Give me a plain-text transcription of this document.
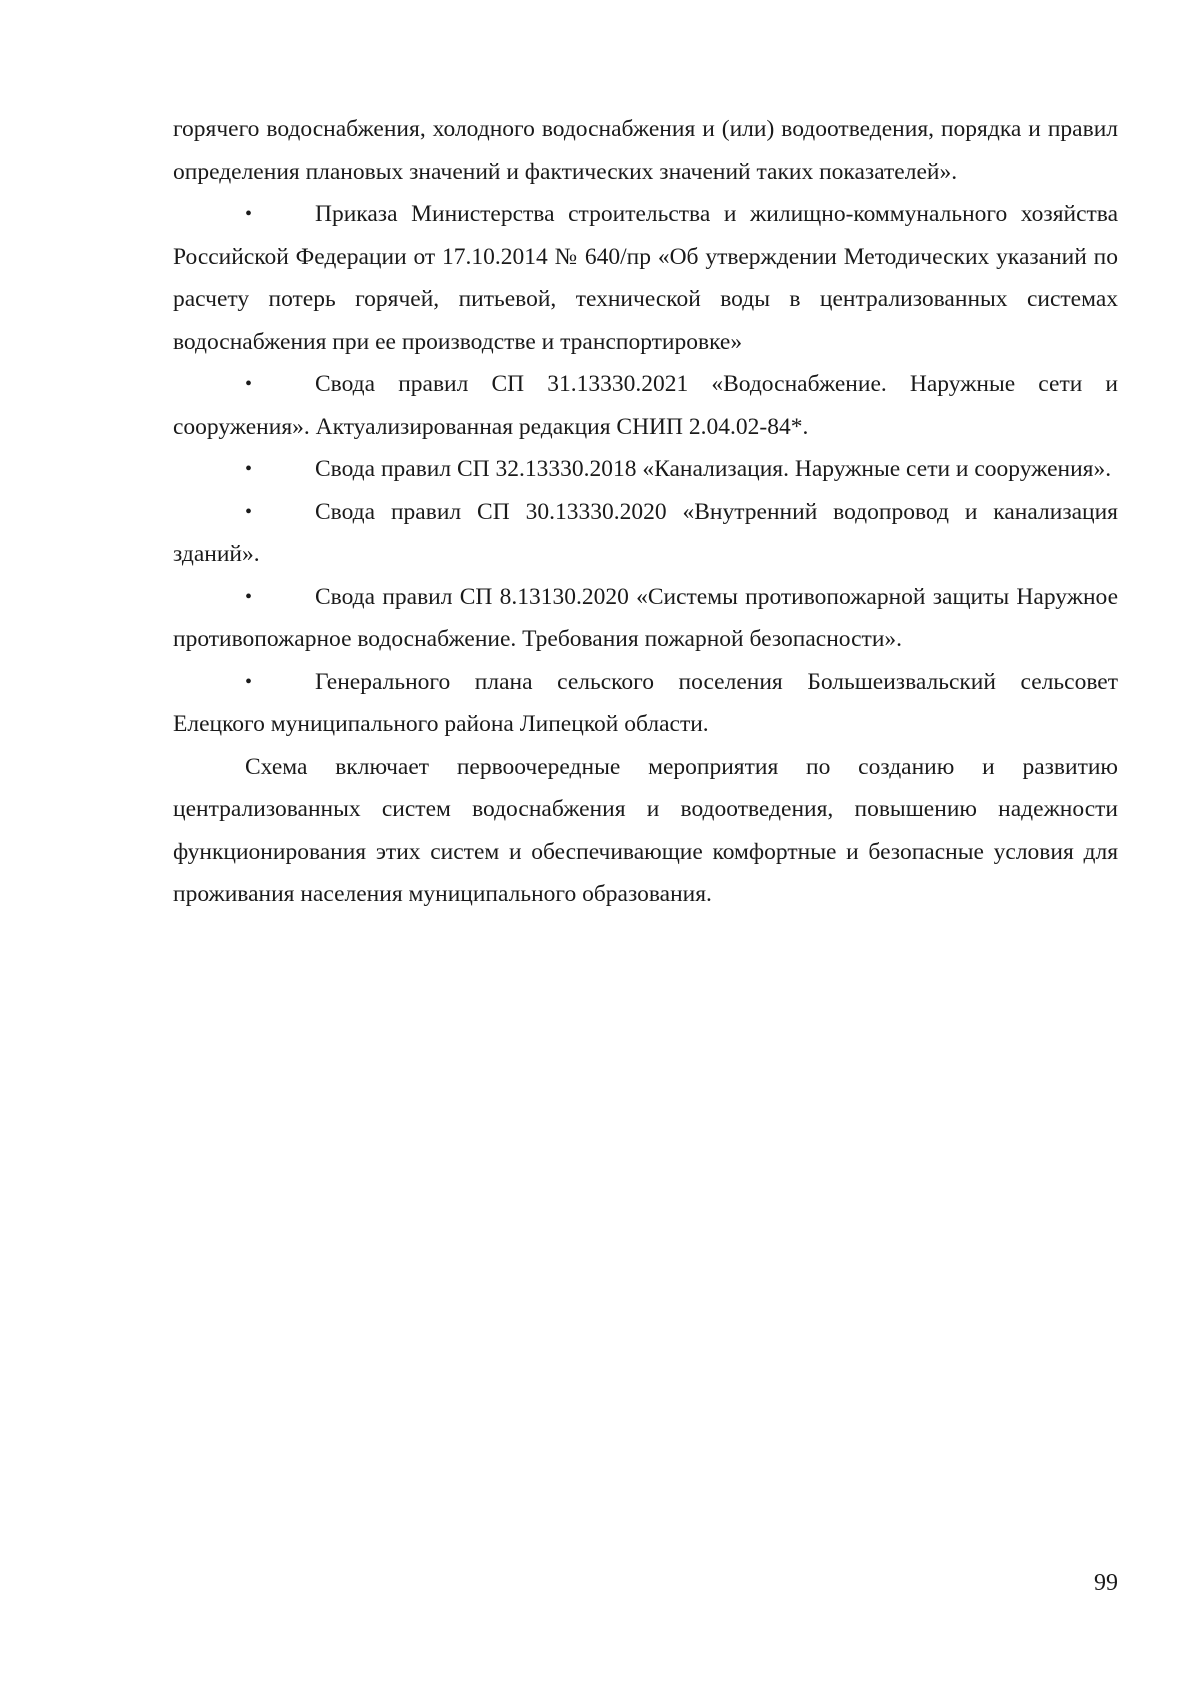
горячего водоснабжения, холодного водоснабжения и (или) водоотведения, порядка и правил определения плановых значений и фактических значений таких показателей».

•	Приказа Министерства строительства и жилищно-коммунального хозяйства Российской Федерации от 17.10.2014 № 640/пр «Об утверждении Методических указаний по расчету потерь горячей, питьевой, технической воды в централизованных системах водоснабжения при ее производстве и транспортировке»

•	Свода правил СП 31.13330.2021 «Водоснабжение. Наружные сети и сооружения». Актуализированная редакция СНИП 2.04.02-84*.

•	Свода правил СП 32.13330.2018 «Канализация. Наружные сети и сооружения».

•	Свода правил СП 30.13330.2020 «Внутренний водопровод и канализация зданий».

•	Свода правил СП 8.13130.2020 «Системы противопожарной защиты Наружное противопожарное водоснабжение. Требования пожарной безопасности».

•	Генерального плана сельского поселения Большеизвальский сельсовет Елецкого муниципального района Липецкой области.

Схема включает первоочередные мероприятия по созданию и развитию централизованных систем водоснабжения и водоотведения, повышению надежности функционирования этих систем и обеспечивающие комфортные и безопасные условия для проживания населения муниципального образования.

99
